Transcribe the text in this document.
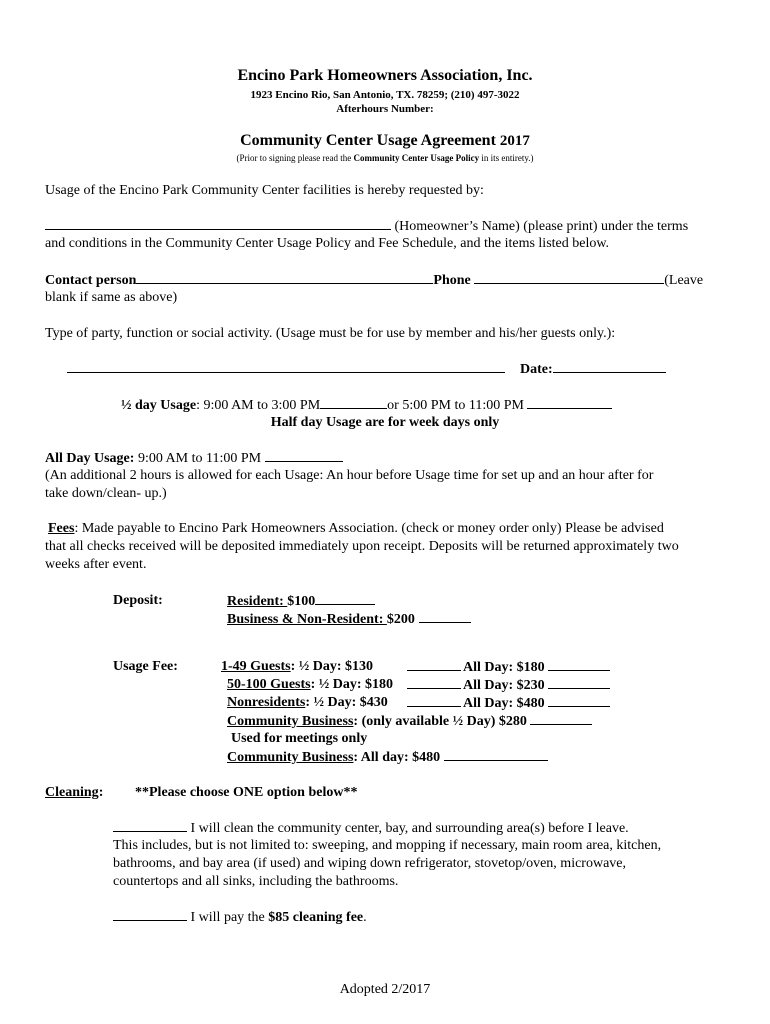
Encino Park Homeowners Association, Inc.
1923 Encino Rio, San Antonio, TX. 78259; (210) 497-3022
Afterhours Number:
Community Center Usage Agreement 2017
(Prior to signing please read the Community Center Usage Policy in its entirety.)
Usage of the Encino Park Community Center facilities is hereby requested by:
(Homeowner’s Name) (please print) under the terms
and conditions in the Community Center Usage Policy and Fee Schedule, and the items listed below.
Contact person	Phone	(Leave
blank if same as above)
Type of party, function or social activity. (Usage must be for use by member and his/her guests only.):
Date:
½ day Usage: 9:00 AM to 3:00 PM	or 5:00 PM to 11:00 PM
Half day Usage are for week days only
All Day Usage: 9:00 AM to 11:00 PM
(An additional 2 hours is allowed for each Usage: An hour before Usage time for set up and an hour after for
take down/clean- up.)
Fees: Made payable to Encino Park Homeowners Association. (check or money order only) Please be advised
that all checks received will be deposited immediately upon receipt. Deposits will be returned approximately two
weeks after event.
Deposit:	Resident: $100
Business & Non-Resident: $200
Usage Fee:	1-49 Guests: ½ Day: $130	All Day: $180
50-100 Guests: ½ Day: $180	All Day: $230
Nonresidents: ½ Day: $430	All Day: $480
Community Business: (only available ½ Day) $280
Used for meetings only
Community Business: All day: $480
Cleaning: **Please choose ONE option below**
I will clean the community center, bay, and surrounding area(s) before I leave.
This includes, but is not limited to: sweeping, and mopping if necessary, main room area, kitchen,
bathrooms, and bay area (if used) and wiping down refrigerator, stovetop/oven, microwave,
countertops and all sinks, including the bathrooms.
I will pay the $85 cleaning fee.
Adopted 2/2017
